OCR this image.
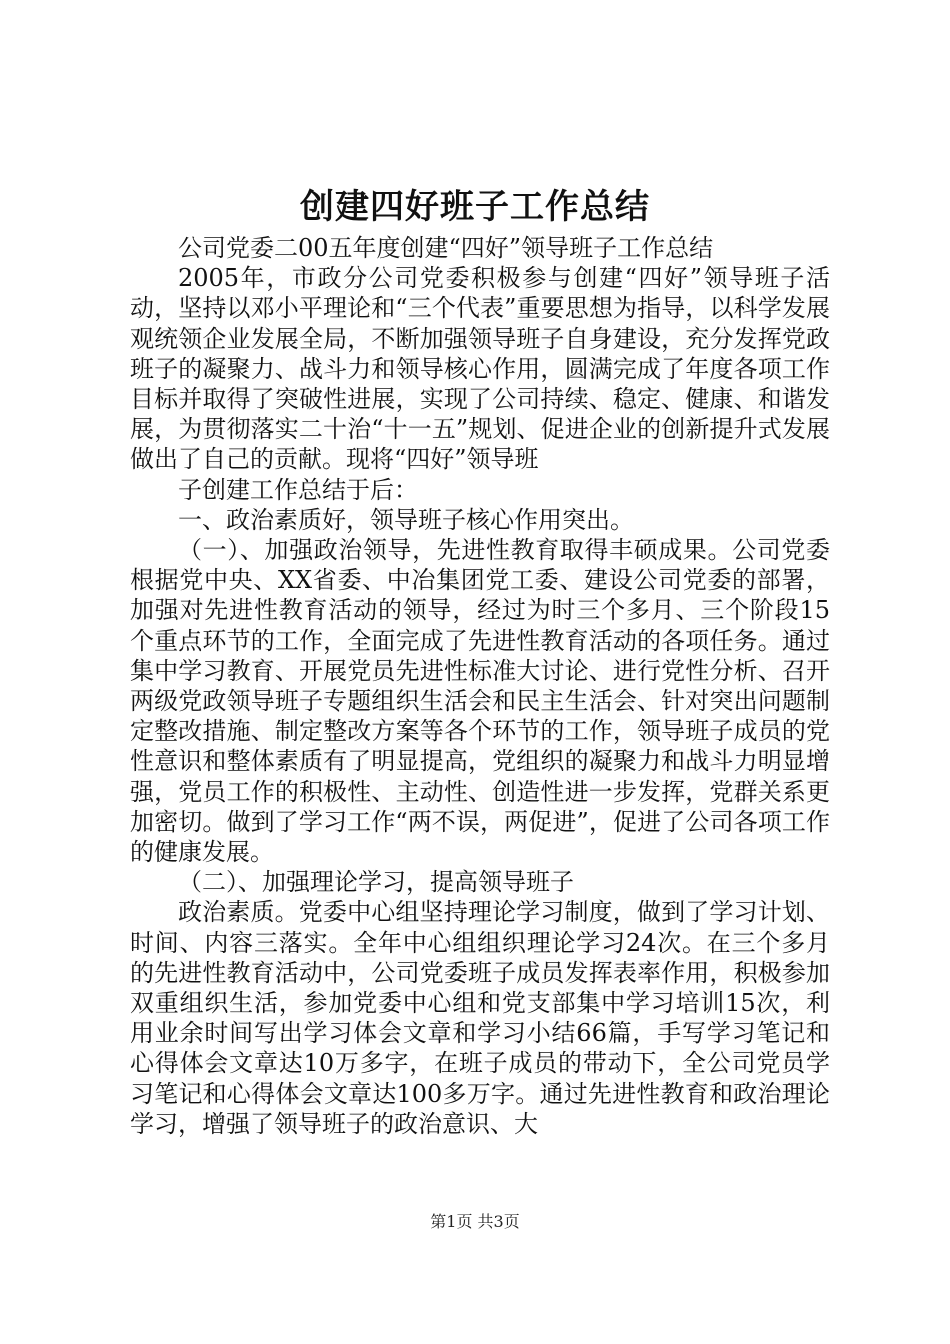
创建四好班子工作总结

公司党委二00五年度创建“四好”领导班子工作总结

2005年，市政分公司党委积极参与创建“四好”领导班子活动，坚持以邓小平理论和“三个代表”重要思想为指导，以科学发展观统领企业发展全局，不断加强领导班子自身建设，充分发挥党政班子的凝聚力、战斗力和领导核心作用，圆满完成了年度各项工作目标并取得了突破性进展，实现了公司持续、稳定、健康、和谐发展，为贯彻落实二十治“十一五”规划、促进企业的创新提升式发展做出了自己的贡献。现将“四好”领导班

子创建工作总结于后：

一、政治素质好，领导班子核心作用突出。

（一）、加强政治领导，先进性教育取得丰硕成果。公司党委根据党中央、XX省委、中冶集团党工委、建设公司党委的部署，加强对先进性教育活动的领导，经过为时三个多月、三个阶段15个重点环节的工作，全面完成了先进性教育活动的各项任务。通过集中学习教育、开展党员先进性标准大讨论、进行党性分析、召开两级党政领导班子专题组织生活会和民主生活会、针对突出问题制定整改措施、制定整改方案等各个环节的工作，领导班子成员的党性意识和整体素质有了明显提高，党组织的凝聚力和战斗力明显增强，党员工作的积极性、主动性、创造性进一步发挥，党群关系更加密切。做到了学习工作“两不误，两促进”，促进了公司各项工作的健康发展。

（二）、加强理论学习，提高领导班子

政治素质。党委中心组坚持理论学习制度，做到了学习计划、时间、内容三落实。全年中心组组织理论学习24次。在三个多月的先进性教育活动中，公司党委班子成员发挥表率作用，积极参加双重组织生活，参加党委中心组和党支部集中学习培训15次，利用业余时间写出学习体会文章和学习小结66篇，手写学习笔记和心得体会文章达10万多字，在班子成员的带动下，全公司党员学习笔记和心得体会文章达100多万字。通过先进性教育和政治理论学习，增强了领导班子的政治意识、大

第1页 共3页
